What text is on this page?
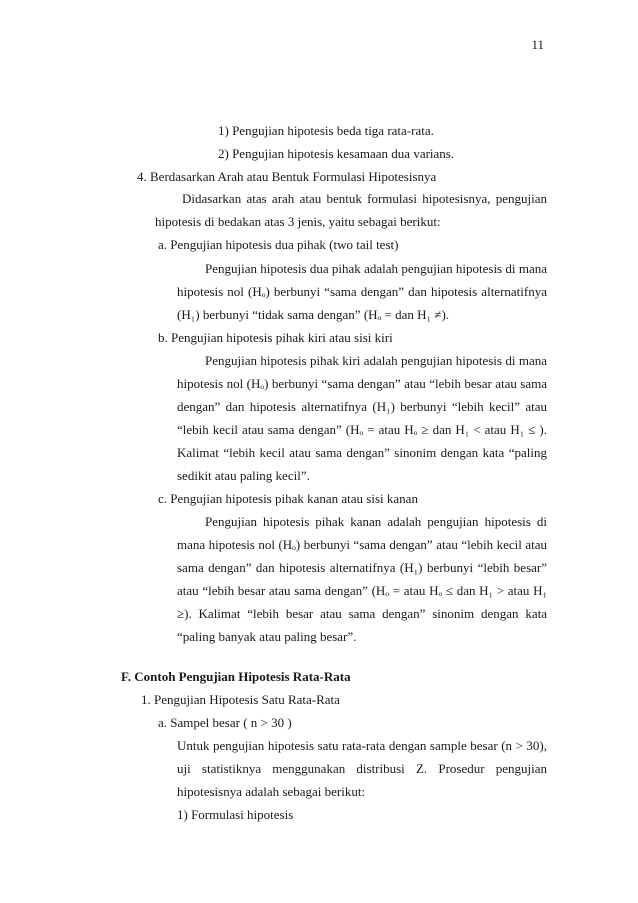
11
1) Pengujian hipotesis beda tiga rata-rata.
2) Pengujian hipotesis kesamaan dua varians.
4. Berdasarkan Arah atau Bentuk Formulasi Hipotesisnya
Didasarkan atas arah atau bentuk formulasi hipotesisnya, pengujian
hipotesis di bedakan atas 3 jenis, yaitu sebagai berikut:
a. Pengujian hipotesis dua pihak (two tail test)
Pengujian hipotesis dua pihak adalah pengujian hipotesis di mana
hipotesis nol (Hₒ) berbunyi “sama dengan” dan hipotesis alternatifnya
(H₁) berbunyi “tidak sama dengan” (Hₒ = dan H₁ ≠).
b. Pengujian hipotesis pihak kiri atau sisi kiri
Pengujian hipotesis pihak kiri adalah pengujian hipotesis di mana
hipotesis nol (Hₒ) berbunyi “sama dengan” atau “lebih besar atau sama
dengan” dan hipotesis alternatifnya (H₁) berbunyi “lebih kecil” atau
“lebih kecil atau sama dengan” (Hₒ = atau Hₒ ≥ dan H₁ < atau H₁ ≤ ).
Kalimat “lebih kecil atau sama dengan” sinonim dengan kata “paling
sedikit atau paling kecil”.
c. Pengujian hipotesis pihak kanan atau sisi kanan
Pengujian hipotesis pihak kanan adalah pengujian hipotesis di
mana hipotesis nol (Hₒ) berbunyi “sama dengan” atau “lebih kecil atau
sama dengan” dan hipotesis alternatifnya (H₁) berbunyi “lebih besar”
atau “lebih besar atau sama dengan” (Hₒ = atau Hₒ ≤ dan H₁ > atau H₁
≥). Kalimat “lebih besar atau sama dengan” sinonim dengan kata
“paling banyak atau paling besar”.
F. Contoh Pengujian Hipotesis Rata-Rata
1. Pengujian Hipotesis Satu Rata-Rata
a. Sampel besar ( n > 30 )
Untuk pengujian hipotesis satu rata-rata dengan sample besar (n > 30),
uji statistiknya menggunakan distribusi Z. Prosedur pengujian
hipotesisnya adalah sebagai berikut:
1) Formulasi hipotesis
